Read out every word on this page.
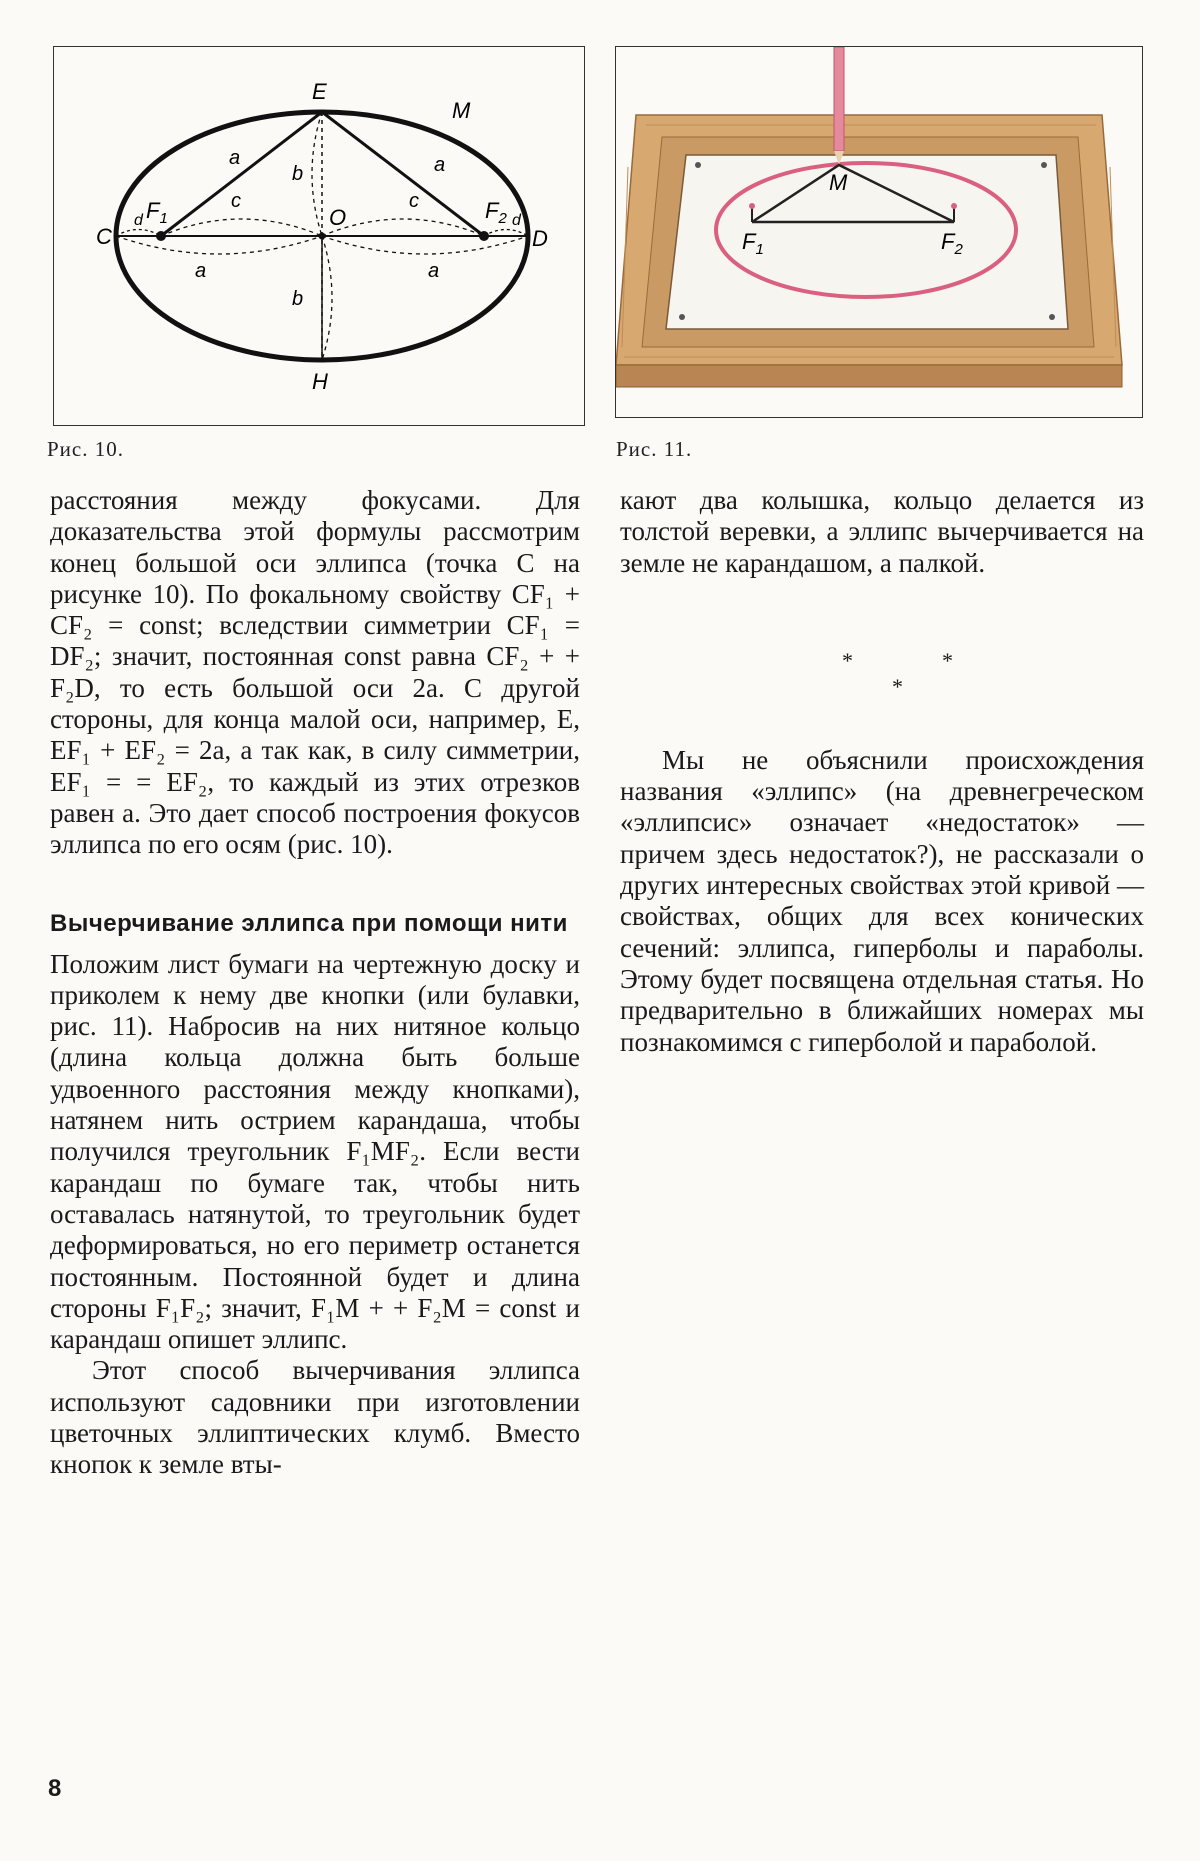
E
M
H
C	D
O
$F_1$	$F_2$
a	a
a	a
b
b
c	c
d	d
Рис. 10.
M
$F_1$	$F_2$
Рис. 11.

расстояния между фокусами. Для доказательства этой формулы рассмотрим конец большой оси эллипса (точка C на рисунке 10). По фокальному свойству CF₁ + CF₂ = const; вследствии симметрии CF₁ = DF₂; значит, постоянная const равна CF₂ + + F₂D, то есть большой оси 2a. С другой стороны, для конца малой оси, например, E, EF₁ + EF₂ = 2a, а так как, в силу симметрии, EF₁ = = EF₂, то каждый из этих отрезков равен a. Это дает способ построения фокусов эллипса по его осям (рис. 10).

Вычерчивание эллипса при помощи нити

Положим лист бумаги на чертежную доску и приколем к нему две кнопки (или булавки, рис. 11). Набросив на них нитяное кольцо (длина кольца должна быть больше удвоенного расстояния между кнопками), натянем нить острием карандаша, чтобы получился треугольник F₁MF₂. Если вести карандаш по бумаге так, чтобы нить оставалась натянутой, то треугольник будет деформироваться, но его периметр останется постоянным. Постоянной будет и длина стороны F₁F₂; значит, F₁M + + F₂M = const и карандаш опишет эллипс.

Этот способ вычерчивания эллипса используют садовники при изготовлении цветочных эллиптических клумб. Вместо кнопок к земле вты-

кают два колышка, кольцо делается из толстой веревки, а эллипс вычерчивается на земле не карандашом, а палкой.

*	*
*

Мы не объяснили происхождения названия «эллипс» (на древнегреческом «эллипсис» означает «недостаток» — причем здесь недостаток?), не рассказали о других интересных свойствах этой кривой — свойствах, общих для всех конических сечений: эллипса, гиперболы и параболы. Этому будет посвящена отдельная статья. Но предварительно в ближайших номерах мы познакомимся с гиперболой и параболой.

8
